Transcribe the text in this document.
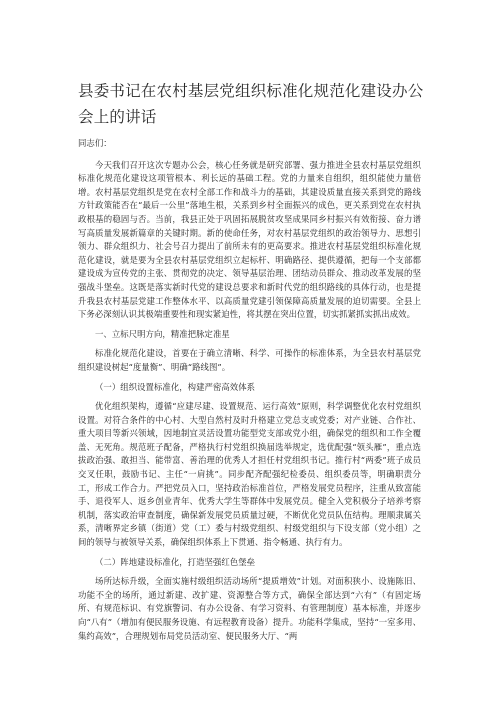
县委书记在农村基层党组织标准化规范化建设办公会上的讲话

同志们：

今天我们召开这次专题办公会，核心任务就是研究部署、强力推进全县农村基层党组织标准化规范化建设这项管根本、利长远的基础工程。党的力量来自组织，组织能使力量倍增。农村基层党组织是党在农村全部工作和战斗力的基础，其建设质量直接关系到党的路线方针政策能否在“最后一公里”落地生根，关系到乡村全面振兴的成色，更关系到党在农村执政根基的稳固与否。当前，我县正处于巩固拓展脱贫攻坚成果同乡村振兴有效衔接、奋力谱写高质量发展新篇章的关键时期。新的使命任务，对农村基层党组织的政治领导力、思想引领力、群众组织力、社会号召力提出了前所未有的更高要求。推进农村基层党组织标准化规范化建设，就是要为全县农村基层党组织立起标杆、明确路径、提供遵循，把每一个支部都建设成为宣传党的主张、贯彻党的决定、领导基层治理、团结动员群众、推动改革发展的坚强战斗堡垒。这既是落实新时代党的建设总要求和新时代党的组织路线的具体行动，也是提升我县农村基层党建工作整体水平、以高质量党建引领保障高质量发展的迫切需要。全县上下务必深刻认识其极端重要性和现实紧迫性，将其摆在突出位置，切实抓紧抓实抓出成效。

一、立标尺明方向，精准把脉定准星

标准化规范化建设，首要在于确立清晰、科学、可操作的标准体系，为全县农村基层党组织建设树起“度量衡”、明确“路线图”。

（一）组织设置标准化，构建严密高效体系

优化组织架构，遵循“应建尽建、设置规范、运行高效”原则，科学调整优化农村党组织设置。对符合条件的中心村、大型自然村及时升格建立党总支或党委；对产业链、合作社、重大项目等新兴领域，因地制宜灵活设置功能型党支部或党小组，确保党的组织和工作全覆盖、无死角。规范班子配备，严格执行村党组织换届选举规定，选优配强“领头雁”，重点选拔政治强、敢担当、能带富、善治理的优秀人才担任村党组织书记。推行村“两委”班子成员交叉任职，鼓励书记、主任“一肩挑”。同步配齐配强纪检委员、组织委员等，明确职责分工，形成工作合力。严把党员入口，坚持政治标准首位，严格发展党员程序，注重从致富能手、退役军人、返乡创业青年、优秀大学生等群体中发展党员。健全入党积极分子培养考察机制，落实政治审查制度，确保新发展党员质量过硬，不断优化党员队伍结构。理顺隶属关系，清晰界定乡镇（街道）党（工）委与村级党组织、村级党组织与下设支部（党小组）之间的领导与被领导关系，确保组织体系上下贯通、指令畅通、执行有力。

（二）阵地建设标准化，打造坚强红色堡垒

场所达标升级，全面实施村级组织活动场所“提质增效”计划。对面积狭小、设施陈旧、功能不全的场所，通过新建、改扩建、资源整合等方式，确保全部达到“六有”（有固定场所、有规范标识、有党旗警词、有办公设备、有学习资料、有管理制度）基本标准，并逐步向“八有”（增加有便民服务设施、有远程教育设备）提升。功能科学集成，坚持“一室多用、集约高效”，合理规划布局党员活动室、便民服务大厅、“两
